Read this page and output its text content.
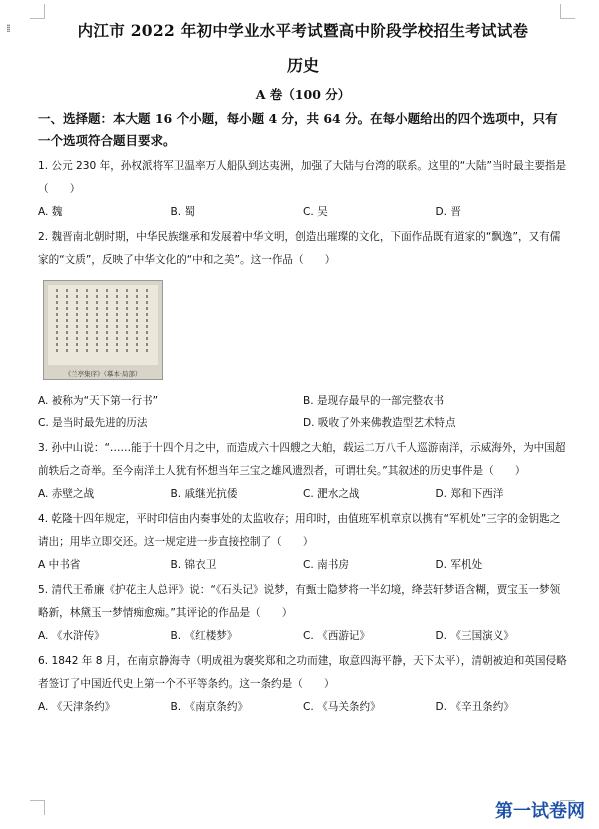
⁞⁞	内江市 2022 年初中学业水平考试暨高中阶段学校招生考试试卷
历史
A 卷（100 分）
一、选择题：本大题 16 个小题，每小题 4 分，共 64 分。在每小题给出的四个选项中，只有一个选项符合题目要求。
1. 公元 230 年，孙权派将军卫温率万人船队到达夷洲，加强了大陆与台湾的联系。这里的“大陆”当时最主要指是（　　）
A. 魏	B. 蜀	C. 吴	D. 晋
2. 魏晋南北朝时期，中华民族继承和发展着中华文明，创造出璀璨的文化，下面作品既有道家的“飘逸”，又有儒家的“文质”，反映了中华文化的“中和之美”。这一作品（　　）
《兰亭集序》（摹本·局部）
A. 被称为“天下第一行书”	B. 是现存最早的一部完整农书
C. 是当时最先进的历法	D. 吸收了外来佛教造型艺术特点
3. 孙中山说：“……能于十四个月之中，而造成六十四艘之大舶，载运二万八千人巡游南洋，示威海外，为中国超前轶后之奇举。至今南洋土人犹有怀想当年三宝之雄风遗烈者，可谓壮矣。”其叙述的历史事件是（　　）
A. 赤壁之战	B. 戚继光抗倭	C. 淝水之战	D. 郑和下西洋
4. 乾隆十四年规定，平时印信由内奏事处的太监收存；用印时，由值班军机章京以携有“军机处”三字的金钥匙之请出；用毕立即交还。这一规定进一步直接控制了（　　）
A 中书省	B. 锦衣卫	C. 南书房	D. 军机处
5. 清代王希廉《护花主人总评》说：“《石头记》说梦，有甄士隐梦将一半幻境，绛芸轩梦语含糊，贾宝玉一梦领略新，林黛玉一梦情痴愈痴。”其评论的作品是（　　）
A. 《水浒传》	B. 《红楼梦》	C. 《西游记》	D. 《三国演义》
6. 1842 年 8 月，在南京静海寺（明成祖为褒奖郑和之功而建，取意四海平静，天下太平），清朝被迫和英国侵略者签订了中国近代史上第一个不平等条约。这一条约是（　　）
A. 《天津条约》	B. 《南京条约》	C. 《马关条约》	D. 《辛丑条约》
第一试卷网
